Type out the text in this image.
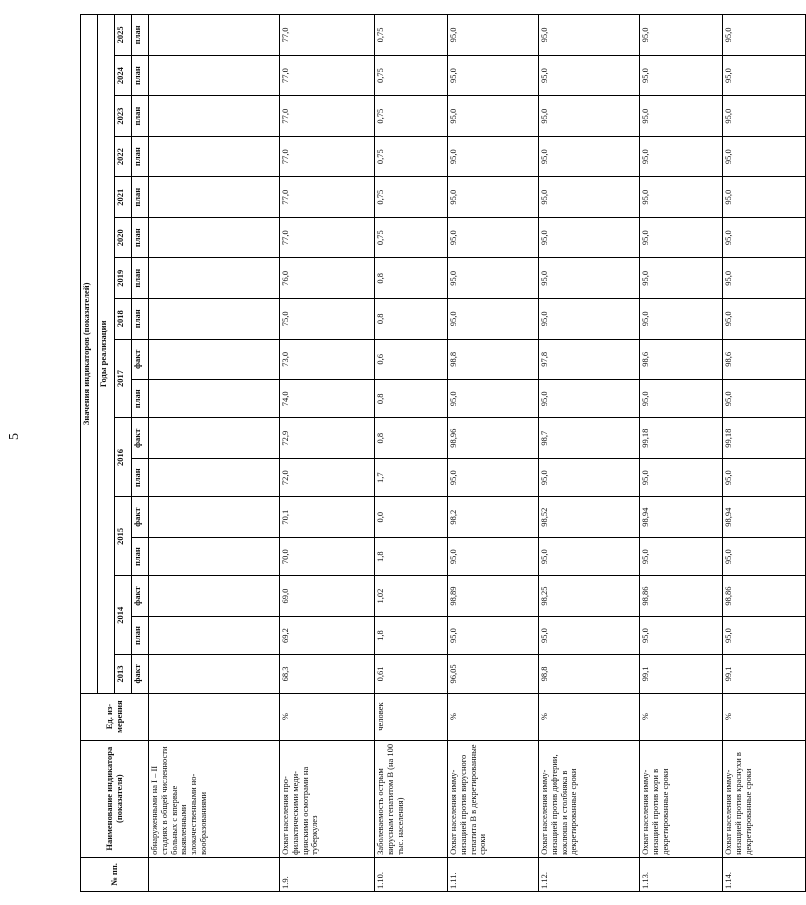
5
№ пп.	Наименование индикатора (показателя)	Ед. измерения	Значения индикаторов (показателей)																
			Годы реализации																
			2013	2014		2015		2016		2017		2018	2019	2020	2021	2022	2023	2024	2025
			факт	план	факт	план	факт	план	факт	план	факт	план	план	план	план	план	план	план	план
	обнаруженными на I – II стадиях в общей численности больных с впервые выявленными злокачественными новообразованиями																		
1.9.	Охват населения профилактическими медицинскими осмотрами на туберкулез	%	68,3	69,2	69,0	70,0	70,1	72,0	72,9	74,0	73,0	75,0	76,0	77,0	77,0	77,0	77,0	77,0	77,0
1.10.	Заболеваемость острым вирусным гепатитом В (на 100 тыс. населения)	человек	0,61	1,8	1,02	1,8	0,0	1,7	0,8	0,8	0,6	0,8	0,8	0,75	0,75	0,75	0,75	0,75	0,75
1.11.	Охват населения иммунизацией против вирусного гепатита В в декретированные сроки	%	96,05	95,0	98,89	95,0	98,2	95,0	98,96	95,0	98,8	95,0	95,0	95,0	95,0	95,0	95,0	95,0	95,0
1.12.	Охват населения иммунизацией против дифтерии, коклюша и столбняка в декретированные сроки	%	98,8	95,0	98,25	95,0	98,52	95,0	98,7	95,0	97,8	95,0	95,0	95,0	95,0	95,0	95,0	95,0	95,0
1.13.	Охват населения иммунизацией против кори в декретированные сроки	%	99,1	95,0	98,86	95,0	98,94	95,0	99,18	95,0	98,6	95,0	95,0	95,0	95,0	95,0	95,0	95,0	95,0
1.14.	Охват населения иммунизацией против краснухи в декретированные сроки	%	99,1	95,0	98,86	95,0	98,94	95,0	99,18	95,0	98,6	95,0	95,0	95,0	95,0	95,0	95,0	95,0	95,0
